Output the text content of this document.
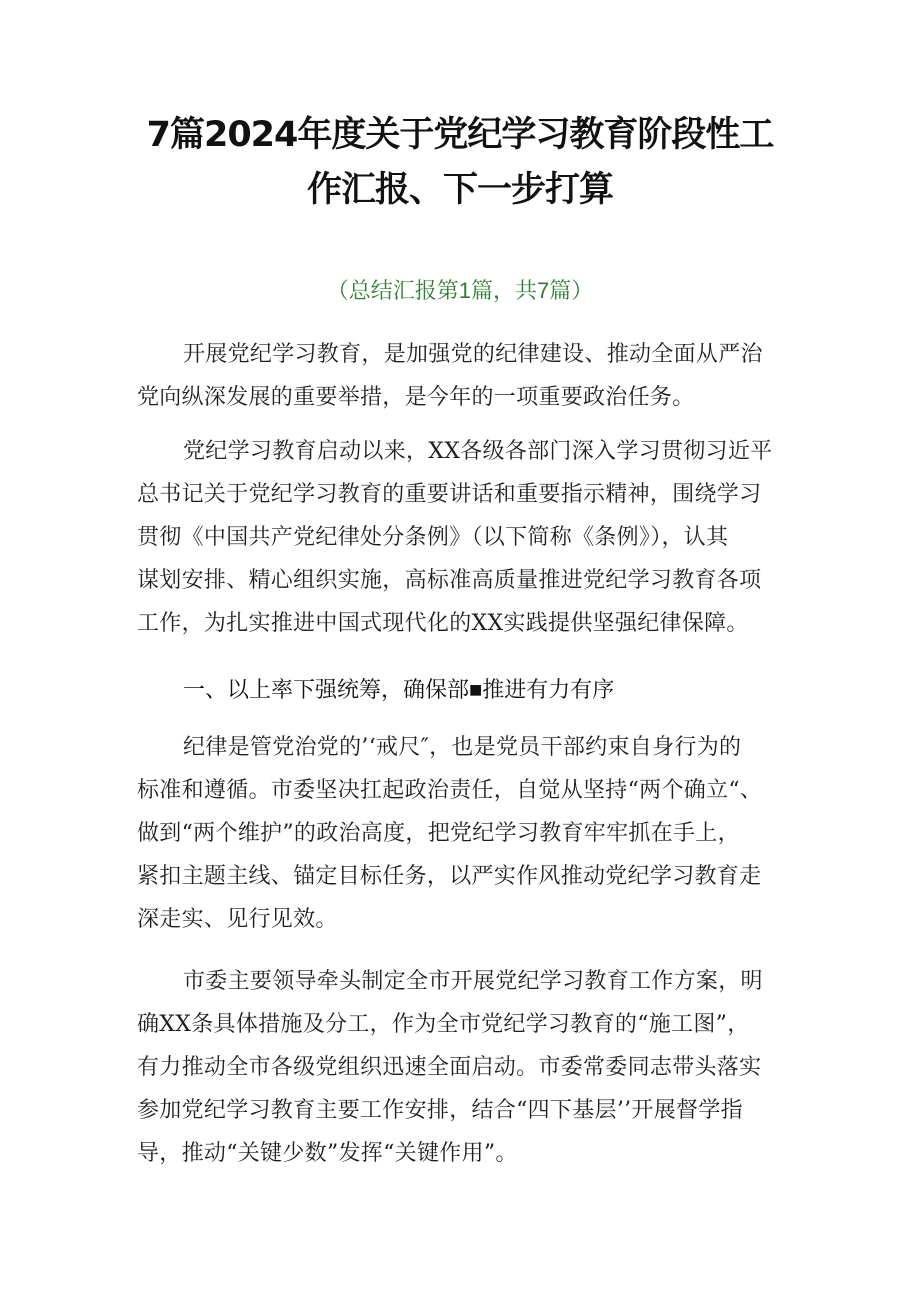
7篇2024年度关于党纪学习教育阶段性工
作汇报、下一步打算
（总结汇报第1篇，共7篇）
开展党纪学习教育，是加强党的纪律建设、推动全面从严治
党向纵深发展的重要举措，是今年的一项重要政治任务。
党纪学习教育启动以来，XX各级各部门深入学习贯彻习近平
总书记关于党纪学习教育的重要讲话和重要指示精神，围绕学习
贯彻《中国共产党纪律处分条例》（以下简称《条例》），认其
谋划安排、精心组织实施，高标准高质量推进党纪学习教育各项
工作，为扎实推进中国式现代化的XX实践提供坚强纪律保障。
一、以上率下强统筹，确保部■推进有力有序
纪律是管党治党的’‘戒尺″，也是党员干部约束自身行为的
标准和遵循。市委坚决扛起政治责任，自觉从坚持“两个确立“、
做到“两个维护”的政治高度，把党纪学习教育牢牢抓在手上，
紧扣主题主线、锚定目标任务，以严实作风推动党纪学习教育走
深走实、见行见效。
市委主要领导牵头制定全市开展党纪学习教育工作方案，明
确XX条具体措施及分工，作为全市党纪学习教育的“施工图”，
有力推动全市各级党组织迅速全面启动。市委常委同志带头落实
参加党纪学习教育主要工作安排，结合“四下基层’’开展督学指
导，推动“关键少数”发挥“关键作用”。
